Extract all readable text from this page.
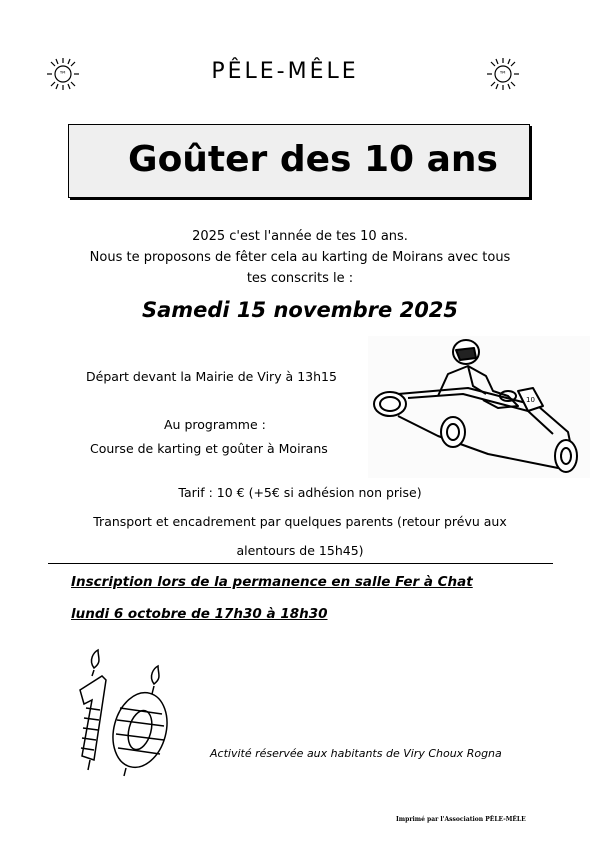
™	PÊLE-MÊLE	™
Goûter des 10 ans
2025 c'est l'année de tes 10 ans.
Nous te proposons de fêter cela au karting de Moirans avec tous
tes conscrits le :
Samedi 15 novembre 2025
Départ devant la Mairie de Viry à 13h15
Au programme :
Course de karting et goûter à Moirans
10
Tarif : 10 € (+5€ si adhésion non prise)
Transport et encadrement par quelques parents (retour prévu aux
alentours de 15h45)
Inscription lors de la permanence en salle Fer à Chat
lundi 6 octobre de 17h30 à 18h30
Activité réservée aux habitants de Viry Choux Rogna
Imprimé par l'Association PÊLE-MÊLE
